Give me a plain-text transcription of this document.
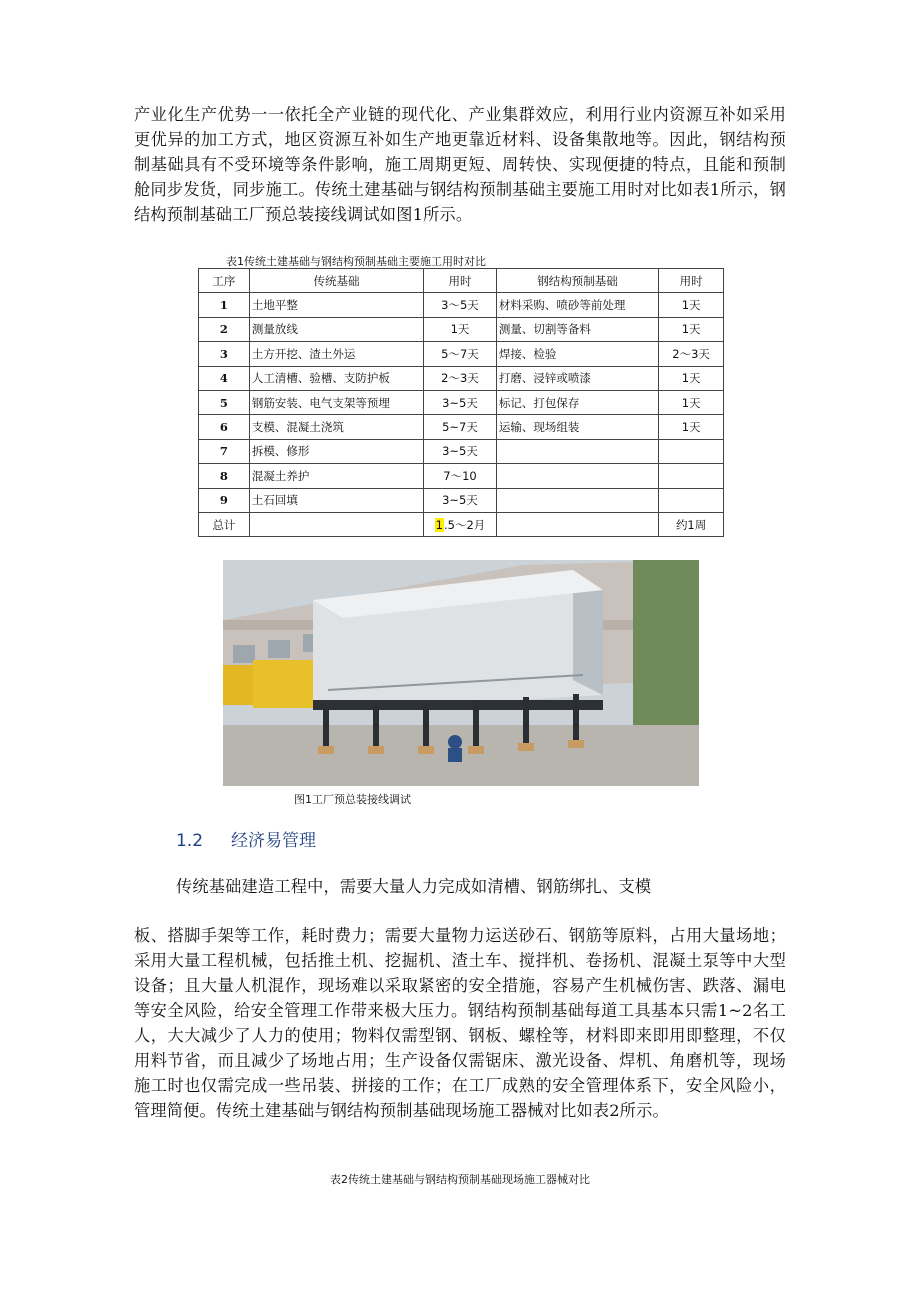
产业化生产优势一一依托全产业链的现代化、产业集群效应，利用行业内资源互补如采用更优异的加工方式，地区资源互补如生产地更靠近材料、设备集散地等。因此，钢结构预制基础具有不受环境等条件影响，施工周期更短、周转快、实现便捷的特点，且能和预制舱同步发货，同步施工。传统土建基础与钢结构预制基础主要施工用时对比如表1所示，钢结构预制基础工厂预总装接线调试如图1所示。

表1传统土建基础与钢结构预制基础主要施工用时对比

工序	传统基础	用时	钢结构预制基础	用时
1	土地平整	3～5天	材料采购、喷砂等前处理	1天
2	测量放线	1天	测量、切割等备料	1天
3	土方开挖、渣土外运	5～7天	焊接、检验	2～3天
4	人工清槽、验槽、支防护板	2～3天	打磨、浸锌或喷漆	1天
5	钢筋安装、电气支架等预埋	3~5天	标记、打包保存	1天
6	支模、混凝土浇筑	5~7天	运输、现场组装	1天
7	拆模、修形	3~5天		
8	混凝土养护	7～10		
9	土石回填	3~5天		
总计		1.5～2月		约1周

图1工厂预总装接线调试

1.2 经济易管理

传统基础建造工程中，需要大量人力完成如清槽、钢筋绑扎、支模

板、搭脚手架等工作，耗时费力；需要大量物力运送砂石、钢筋等原料，占用大量场地；采用大量工程机械，包括推土机、挖掘机、渣土车、搅拌机、卷扬机、混凝土泵等中大型设备；且大量人机混作，现场难以采取紧密的安全措施，容易产生机械伤害、跌落、漏电等安全风险，给安全管理工作带来极大压力。钢结构预制基础每道工具基本只需1~2名工人，大大减少了人力的使用；物料仅需型钢、钢板、螺栓等，材料即来即用即整理，不仅用料节省，而且减少了场地占用；生产设备仅需锯床、激光设备、焊机、角磨机等，现场施工时也仅需完成一些吊装、拼接的工作；在工厂成熟的安全管理体系下，安全风险小，管理简便。传统土建基础与钢结构预制基础现场施工器械对比如表2所示。

表2传统土建基础与钢结构预制基础现场施工器械对比
